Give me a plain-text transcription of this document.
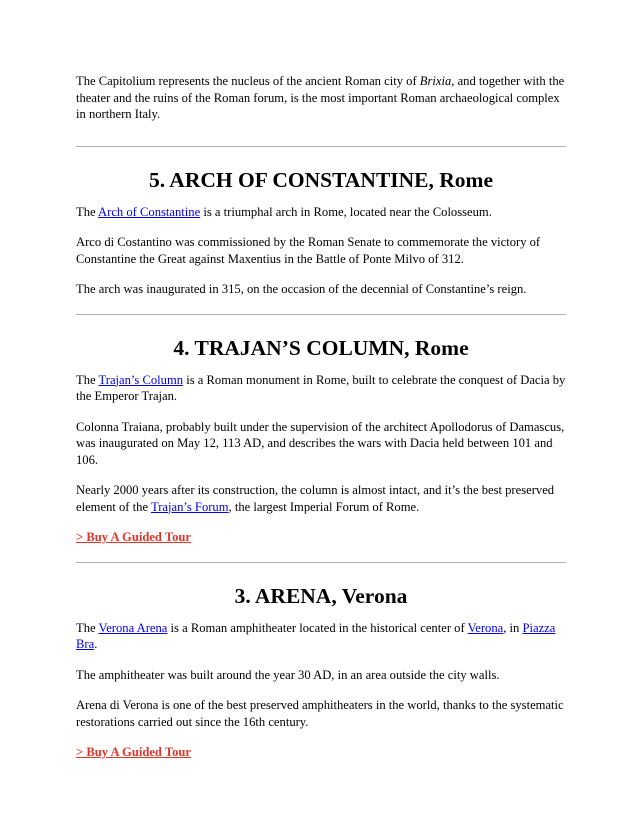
The Capitolium represents the nucleus of the ancient Roman city of Brixia, and together with the theater and the ruins of the Roman forum, is the most important Roman archaeological complex in northern Italy.

5. ARCH OF CONSTANTINE, Rome

The Arch of Constantine is a triumphal arch in Rome, located near the Colosseum.

Arco di Costantino was commissioned by the Roman Senate to commemorate the victory of Constantine the Great against Maxentius in the Battle of Ponte Milvo of 312.

The arch was inaugurated in 315, on the occasion of the decennial of Constantine’s reign.

4. TRAJAN’S COLUMN, Rome

The Trajan’s Column is a Roman monument in Rome, built to celebrate the conquest of Dacia by the Emperor Trajan.

Colonna Traiana, probably built under the supervision of the architect Apollodorus of Damascus, was inaugurated on May 12, 113 AD, and describes the wars with Dacia held between 101 and 106.

Nearly 2000 years after its construction, the column is almost intact, and it’s the best preserved element of the Trajan’s Forum, the largest Imperial Forum of Rome.

> Buy A Guided Tour

3. ARENA, Verona

The Verona Arena is a Roman amphitheater located in the historical center of Verona, in Piazza Bra.

The amphitheater was built around the year 30 AD, in an area outside the city walls.

Arena di Verona is one of the best preserved amphitheaters in the world, thanks to the systematic restorations carried out since the 16th century.

> Buy A Guided Tour
